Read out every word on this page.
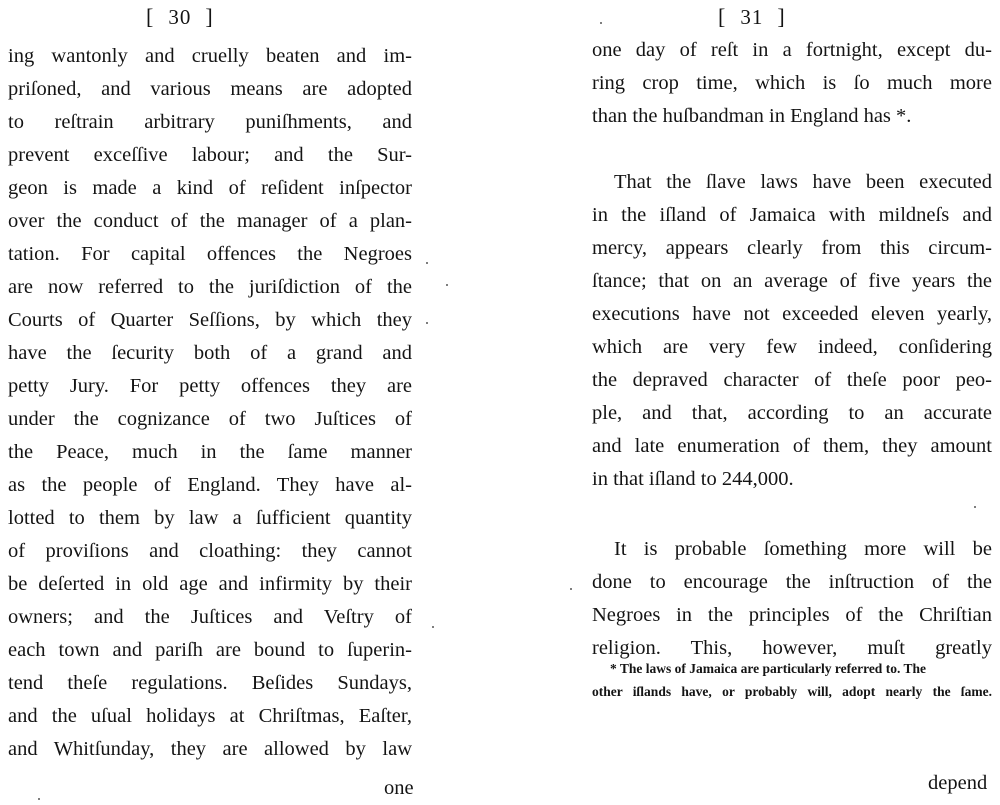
[ 30 ]
ing wantonly and cruelly beaten and im-
priſoned, and various means are adopted
to reſtrain arbitrary puniſhments, and
prevent exceſſive labour; and the Sur-
geon is made a kind of reſident inſpector
over the conduct of the manager of a plan-
tation. For capital offences the Negroes
are now referred to the juriſdiction of the
Courts of Quarter Seſſions, by which they
have the ſecurity both of a grand and
petty Jury. For petty offences they are
under the cognizance of two Juſtices of
the Peace, much in the ſame manner
as the people of England. They have al-
lotted to them by law a ſufficient quantity
of proviſions and cloathing: they cannot
be deſerted in old age and infirmity by their
owners; and the Juſtices and Veſtry of
each town and pariſh are bound to ſuperin-
tend theſe regulations. Beſides Sundays,
and the uſual holidays at Chriſtmas, Eaſter,
and Whitſunday, they are allowed by law
one
[ 31 ]
one day of reſt in a fortnight, except du-
ring crop time, which is ſo much more
than the huſbandman in England has *.
That the ſlave laws have been executed
in the iſland of Jamaica with mildneſs and
mercy, appears clearly from this circum-
ſtance; that on an average of five years the
executions have not exceeded eleven yearly,
which are very few indeed, conſidering
the depraved character of theſe poor peo-
ple, and that, according to an accurate
and late enumeration of them, they amount
in that iſland to 244,000.
It is probable ſomething more will be
done to encourage the inſtruction of the
Negroes in the principles of the Chriſtian
religion. This, however, muſt greatly
* The laws of Jamaica are particularly referred to. The
other iſlands have, or probably will, adopt nearly the ſame.
depend
